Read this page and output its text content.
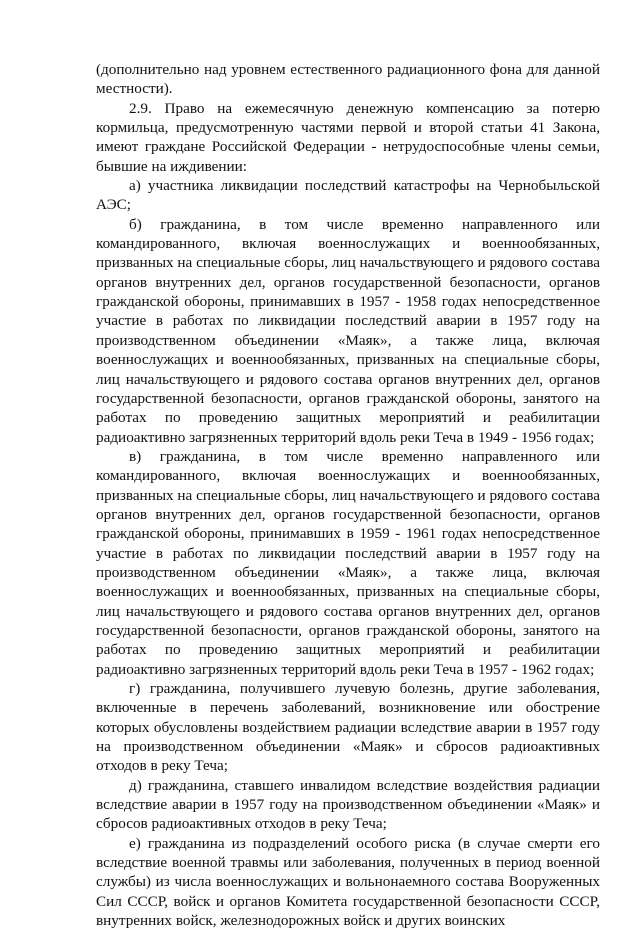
(дополнительно над уровнем естественного радиационного фона для данной местности).

2.9. Право на ежемесячную денежную компенсацию за потерю кормильца, предусмотренную частями первой и второй статьи 41 Закона, имеют граждане Российской Федерации - нетрудоспособные члены семьи, бывшие на иждивении:

а) участника ликвидации последствий катастрофы на Чернобыльской АЭС;

б) гражданина, в том числе временно направленного или командированного, включая военнослужащих и военнообязанных, призванных на специальные сборы, лиц начальствующего и рядового состава органов внутренних дел, органов государственной безопасности, органов гражданской обороны, принимавших в 1957 - 1958 годах непосредственное участие в работах по ликвидации последствий аварии в 1957 году на производственном объединении «Маяк», а также лица, включая военнослужащих и военнообязанных, призванных на специальные сборы, лиц начальствующего и рядового состава органов внутренних дел, органов государственной безопасности, органов гражданской обороны, занятого на работах по проведению защитных мероприятий и реабилитации радиоактивно загрязненных территорий вдоль реки Теча в 1949 - 1956 годах;

в) гражданина, в том числе временно направленного или командированного, включая военнослужащих и военнообязанных, призванных на специальные сборы, лиц начальствующего и рядового состава органов внутренних дел, органов государственной безопасности, органов гражданской обороны, принимавших в 1959 - 1961 годах непосредственное участие в работах по ликвидации последствий аварии в 1957 году на производственном объединении «Маяк», а также лица, включая военнослужащих и военнообязанных, призванных на специальные сборы, лиц начальствующего и рядового состава органов внутренних дел, органов государственной безопасности, органов гражданской обороны, занятого на работах по проведению защитных мероприятий и реабилитации радиоактивно загрязненных территорий вдоль реки Теча в 1957 - 1962 годах;

г) гражданина, получившего лучевую болезнь, другие заболевания, включенные в перечень заболеваний, возникновение или обострение которых обусловлены воздействием радиации вследствие аварии в 1957 году на производственном объединении «Маяк» и сбросов радиоактивных отходов в реку Теча;

д) гражданина, ставшего инвалидом вследствие воздействия радиации вследствие аварии в 1957 году на производственном объединении «Маяк» и сбросов радиоактивных отходов в реку Теча;

е) гражданина из подразделений особого риска (в случае смерти его вследствие военной травмы или заболевания, полученных в период военной службы) из числа военнослужащих и вольнонаемного состава Вооруженных Сил СССР, войск и органов Комитета государственной безопасности СССР, внутренних войск, железнодорожных войск и других воинских
